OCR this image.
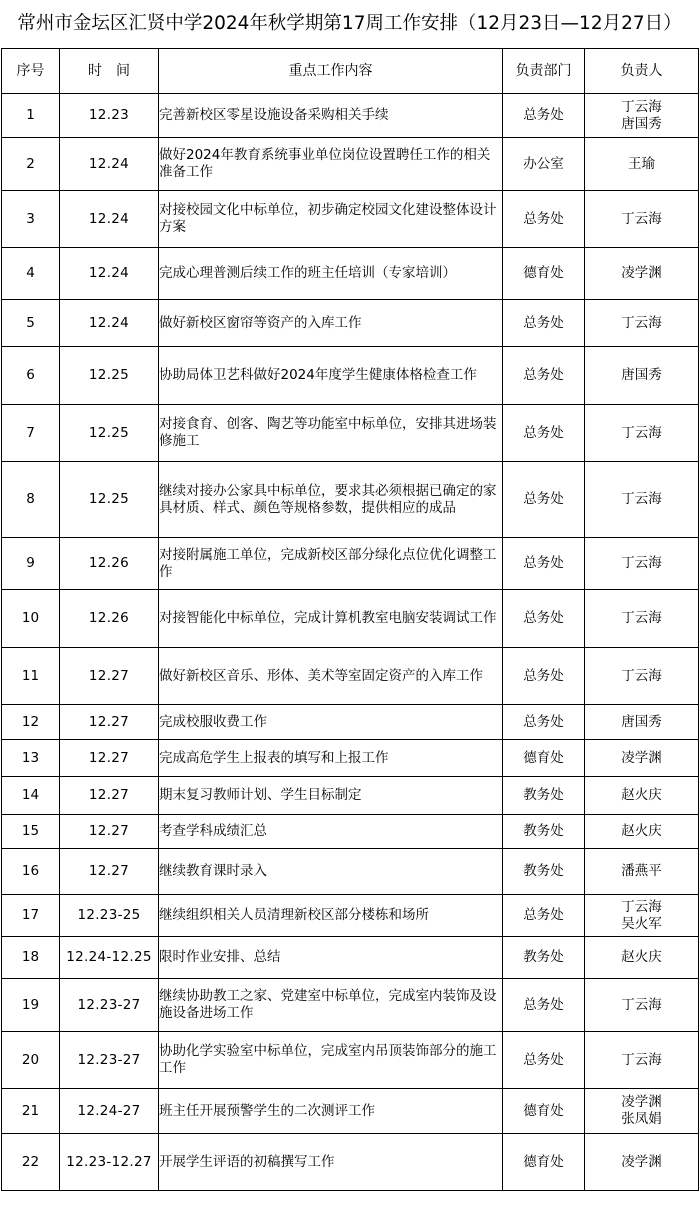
常州市金坛区汇贤中学2024年秋学期第17周工作安排（12月23日—12月27日）
序号	时　间	重点工作内容	负责部门	负责人
1	12.23	完善新校区零星设施设备采购相关手续	总务处	丁云海
唐国秀

2	12.24	做好2024年教育系统事业单位岗位设置聘任工作的相关准备工作	办公室	王瑜

3	12.24	对接校园文化中标单位，初步确定校园文化建设整体设计方案	总务处	丁云海

4	12.24	完成心理普测后续工作的班主任培训（专家培训）	德育处	凌学渊

5	12.24	做好新校区窗帘等资产的入库工作	总务处	丁云海

6	12.25	协助局体卫艺科做好2024年度学生健康体格检查工作	总务处	唐国秀

7	12.25	对接食育、创客、陶艺等功能室中标单位，安排其进场装修施工	总务处	丁云海

8	12.25	继续对接办公家具中标单位，要求其必须根据已确定的家具材质、样式、颜色等规格参数，提供相应的成品	总务处	丁云海

9	12.26	对接附属施工单位，完成新校区部分绿化点位优化调整工作	总务处	丁云海

10	12.26	对接智能化中标单位，完成计算机教室电脑安装调试工作	总务处	丁云海

11	12.27	做好新校区音乐、形体、美术等室固定资产的入库工作	总务处	丁云海

12	12.27	完成校服收费工作	总务处	唐国秀

13	12.27	完成高危学生上报表的填写和上报工作	德育处	凌学渊

14	12.27	期末复习教师计划、学生目标制定	教务处	赵火庆

15	12.27	考查学科成绩汇总	教务处	赵火庆

16	12.27	继续教育课时录入	教务处	潘燕平

17	12.23-25	继续组织相关人员清理新校区部分楼栋和场所	总务处	丁云海
吴火军

18	12.24-12.25	限时作业安排、总结	教务处	赵火庆

19	12.23-27	继续协助教工之家、党建室中标单位，完成室内装饰及设施设备进场工作	总务处	丁云海

20	12.23-27	协助化学实验室中标单位，完成室内吊顶装饰部分的施工工作	总务处	丁云海

21	12.24-27	班主任开展预警学生的二次测评工作	德育处	凌学渊
张凤娟

22	12.23-12.27	开展学生评语的初稿撰写工作	德育处	凌学渊
